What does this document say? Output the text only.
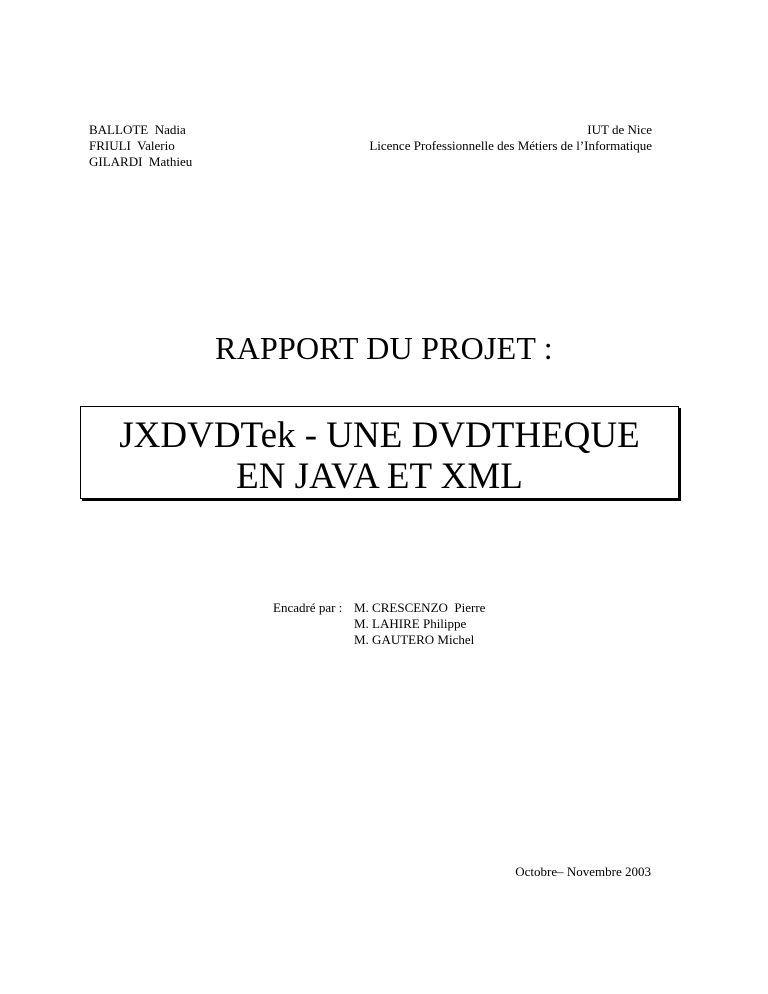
BALLOTE  Nadia
FRIULI  Valerio
GILARDI  Mathieu
IUT de Nice
Licence Professionnelle des Métiers de l’Informatique
RAPPORT DU PROJET :
JXDVDTek - UNE DVDTHEQUE
EN JAVA ET XML
Encadré par : M. CRESCENZO  Pierre
M. LAHIRE Philippe
M. GAUTERO Michel
Octobre– Novembre 2003
